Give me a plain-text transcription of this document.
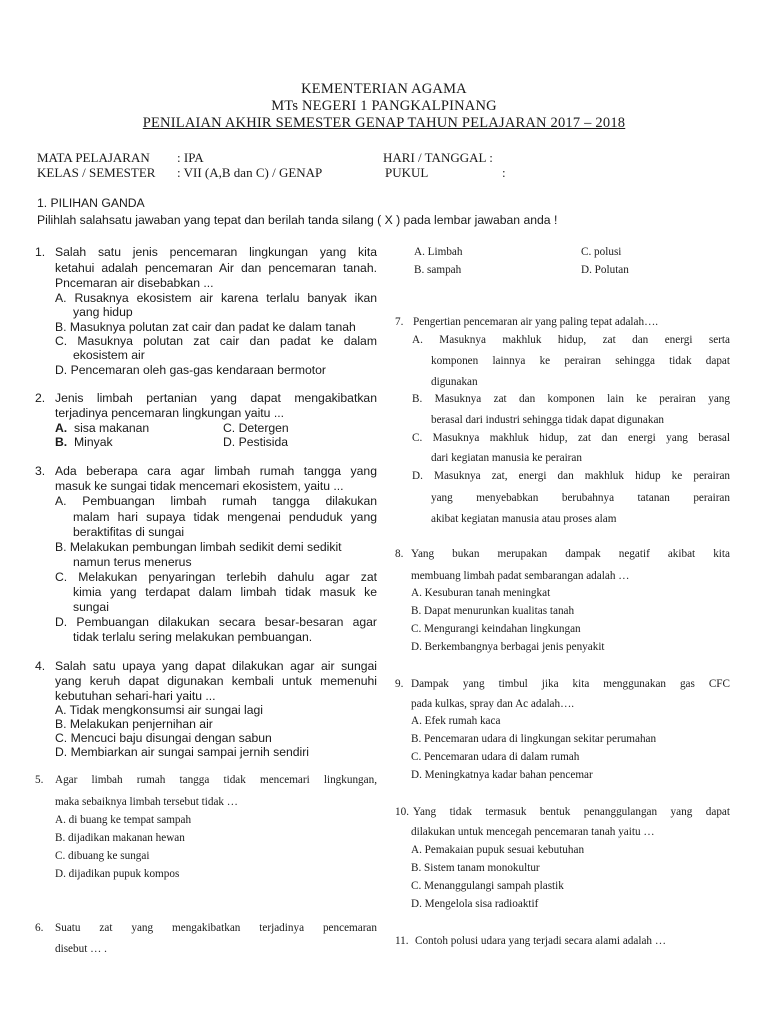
KEMENTERIAN AGAMA
MTs NEGERI 1 PANGKALPINANG
PENILAIAN AKHIR SEMESTER GENAP TAHUN PELAJARAN 2017 – 2018
MATA PELAJARAN : IPA	HARI / TANGGAL :
KELAS / SEMESTER : VII (A,B dan C) / GENAP	PUKUL	:
1. PILIHAN GANDA
Pilihlah salahsatu jawaban yang tepat dan berilah tanda silang ( X ) pada lembar jawaban anda !
1. Salah satu jenis pencemaran lingkungan yang kita
ketahui adalah pencemaran Air dan pencemaran tanah.
Pncemaran air disebabkan ...
A. Rusaknya ekosistem air karena terlalu banyak ikan
yang hidup
B. Masuknya polutan zat cair dan padat ke dalam tanah
C. Masuknya polutan zat cair dan padat ke dalam
ekosistem air
D. Pencemaran oleh gas-gas kendaraan bermotor
2. Jenis limbah pertanian yang dapat mengakibatkan
terjadinya pencemaran lingkungan yaitu ...
A. sisa makanan	C. Detergen
B. Minyak	D. Pestisida
3. Ada beberapa cara agar limbah rumah tangga yang
masuk ke sungai tidak mencemari ekosistem, yaitu ...
A. Pembuangan limbah rumah tangga dilakukan
malam hari supaya tidak mengenai penduduk yang
beraktifitas di sungai
B. Melakukan pembungan limbah sedikit demi sedikit
namun terus menerus
C. Melakukan penyaringan terlebih dahulu agar zat
kimia yang terdapat dalam limbah tidak masuk ke
sungai
D. Pembuangan dilakukan secara besar-besaran agar
tidak terlalu sering melakukan pembuangan.
4. Salah satu upaya yang dapat dilakukan agar air sungai
yang keruh dapat digunakan kembali untuk memenuhi
kebutuhan sehari-hari yaitu ...
A. Tidak mengkonsumsi air sungai lagi
B. Melakukan penjernihan air
C. Mencuci baju disungai dengan sabun
D. Membiarkan air sungai sampai jernih sendiri
5. Agar limbah rumah tangga tidak mencemari lingkungan,
maka sebaiknya limbah tersebut tidak …
A. di buang ke tempat sampah
B. dijadikan makanan hewan
C. dibuang ke sungai
D. dijadikan pupuk kompos
6. Suatu zat yang mengakibatkan terjadinya pencemaran
disebut … .
A. Limbah	C. polusi
B. sampah	D. Polutan
7. Pengertian pencemaran air yang paling tepat adalah….
A. Masuknya makhluk hidup, zat dan energi serta
komponen lainnya ke perairan sehingga tidak dapat
digunakan
B. Masuknya zat dan komponen lain ke perairan yang
berasal dari industri sehingga tidak dapat digunakan
C. Masuknya makhluk hidup, zat dan energi yang berasal
dari kegiatan manusia ke perairan
D. Masuknya zat, energi dan makhluk hidup ke perairan
yang menyebabkan berubahnya tatanan perairan
akibat kegiatan manusia atau proses alam
8. Yang bukan merupakan dampak negatif akibat kita
membuang limbah padat sembarangan adalah …
A. Kesuburan tanah meningkat
B. Dapat menurunkan kualitas tanah
C. Mengurangi keindahan lingkungan
D. Berkembangnya berbagai jenis penyakit
9. Dampak yang timbul jika kita menggunakan gas CFC
pada kulkas, spray dan Ac adalah….
A. Efek rumah kaca
B. Pencemaran udara di lingkungan sekitar perumahan
C. Pencemaran udara di dalam rumah
D. Meningkatnya kadar bahan pencemar
10. Yang tidak termasuk bentuk penanggulangan yang dapat
dilakukan untuk mencegah pencemaran tanah yaitu …
A. Pemakaian pupuk sesuai kebutuhan
B. Sistem tanam monokultur
C. Menanggulangi sampah plastik
D. Mengelola sisa radioaktif
11. Contoh polusi udara yang terjadi secara alami adalah …
